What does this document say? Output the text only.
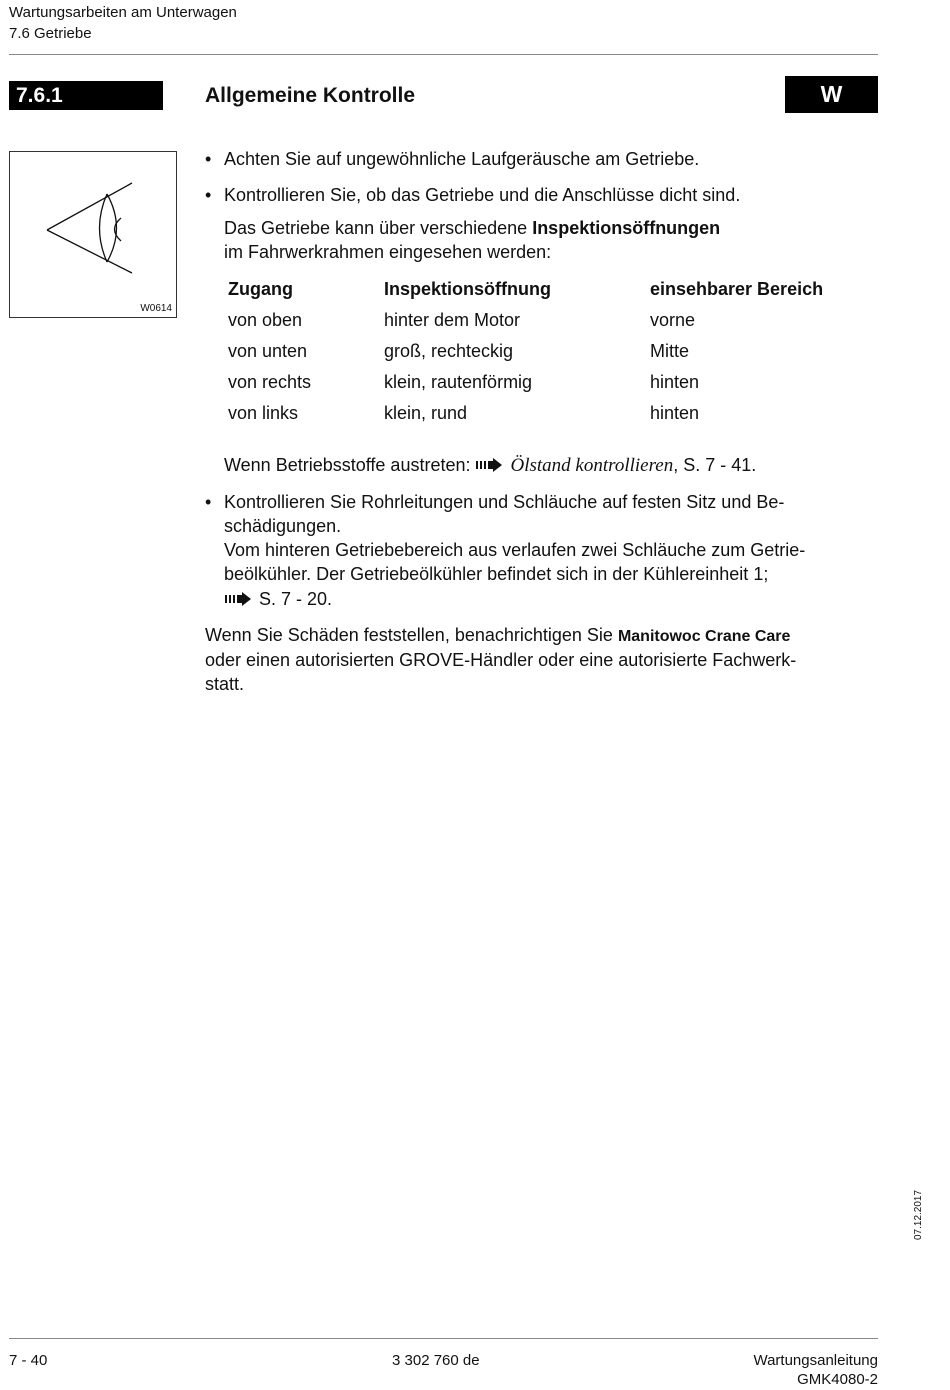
Wartungsarbeiten am Unterwagen
7.6 Getriebe
7.6.1	Allgemeine Kontrolle	W
W0614
• Achten Sie auf ungewöhnliche Laufgeräusche am Getriebe.
• Kontrollieren Sie, ob das Getriebe und die Anschlüsse dicht sind.
Das Getriebe kann über verschiedene Inspektionsöffnungen
im Fahrwerkrahmen eingesehen werden:
Zugang	Inspektionsöffnung	einsehbarer Bereich
von oben	hinter dem Motor	vorne
von unten	groß, rechteckig	Mitte
von rechts	klein, rautenförmig	hinten
von links	klein, rund	hinten
Wenn Betriebsstoffe austreten:  Ölstand kontrollieren, S. 7 - 41.
• Kontrollieren Sie Rohrleitungen und Schläuche auf festen Sitz und Be-
schädigungen.
Vom hinteren Getriebebereich aus verlaufen zwei Schläuche zum Getrie-
beölkühler. Der Getriebeölkühler befindet sich in der Kühlereinheit 1;
S. 7 - 20.
Wenn Sie Schäden feststellen, benachrichtigen Sie Manitowoc Crane Care
oder einen autorisierten GROVE-Händler oder eine autorisierte Fachwerk-
statt.
07.12.2017
7 - 40	3 302 760 de	Wartungsanleitung
GMK4080-2
